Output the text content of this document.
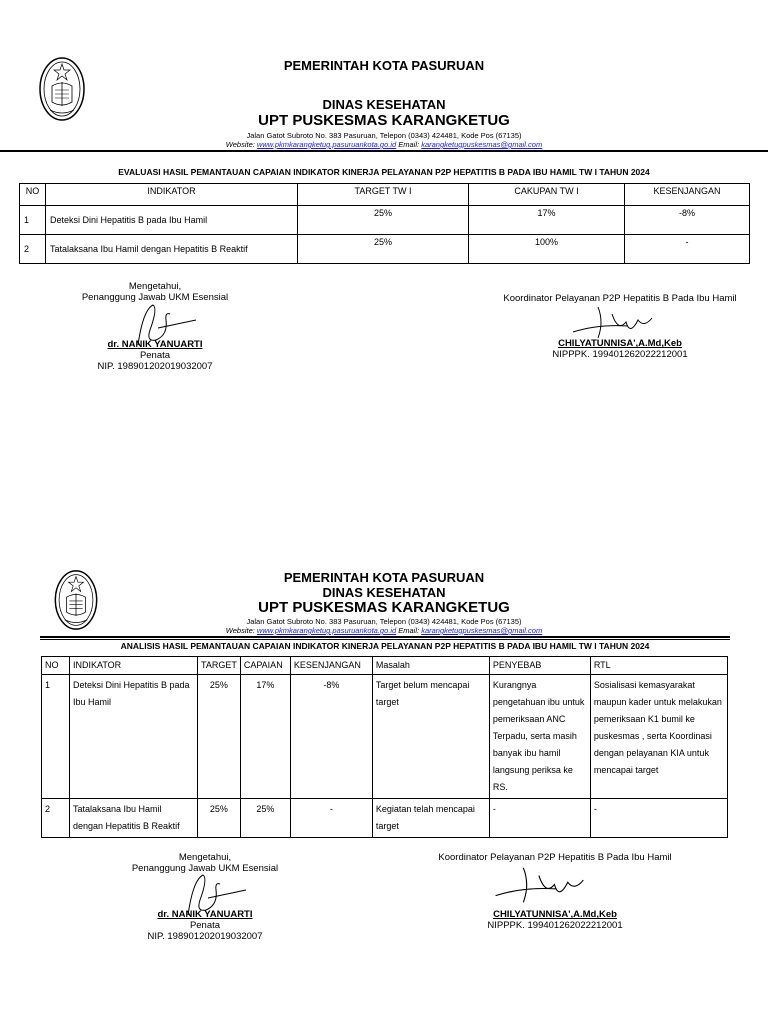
PEMERINTAH KOTA PASURUAN
DINAS KESEHATAN
UPT PUSKESMAS KARANGKETUG
Jalan Gatot Subroto No. 383 Pasuruan, Telepon (0343) 424481, Kode Pos (67135)
Website: www.pkmkarangketug.pasuruankota.go.id Email: karangketugpuskesmas@gmail.com
EVALUASI HASIL PEMANTAUAN CAPAIAN INDIKATOR KINERJA PELAYANAN P2P HEPATITIS B PADA IBU HAMIL TW I TAHUN 2024
NO	INDIKATOR	TARGET TW I	CAKUPAN TW I	KESENJANGAN
1	Deteksi Dini Hepatitis B pada Ibu Hamil	25%	17%	-8%
2	Tatalaksana Ibu Hamil dengan Hepatitis B Reaktif	25%	100%	-
Mengetahui,
Penanggung Jawab UKM Esensial
dr. NANIK YANUARTI
Penata
NIP. 198901202019032007
Koordinator Pelayanan P2P Hepatitis B Pada Ibu Hamil
CHILYATUNNISA',A.Md,Keb
NIPPPK. 199401262022212001
PEMERINTAH KOTA PASURUAN
DINAS KESEHATAN
UPT PUSKESMAS KARANGKETUG
Jalan Gatot Subroto No. 383 Pasuruan, Telepon (0343) 424481, Kode Pos (67135)
Website: www.pkmkarangketug.pasuruankota.go.id Email: karangketugpuskesmas@gmail.com
ANALISIS HASIL PEMANTAUAN CAPAIAN INDIKATOR KINERJA PELAYANAN P2P HEPATITIS B PADA IBU HAMIL TW I TAHUN 2024
NO	INDIKATOR	TARGET	CAPAIAN	KESENJANGAN	Masalah	PENYEBAB	RTL
1	Deteksi Dini Hepatitis B pada Ibu Hamil	25%	17%	-8%	Target belum mencapai target	Kurangnya pengetahuan ibu untuk pemeriksaan ANC Terpadu, serta masih banyak ibu hamil langsung periksa ke RS.	Sosialisasi kemasyarakat maupun kader untuk melakukan pemeriksaan K1 bumil ke puskesmas , serta Koordinasi dengan pelayanan KIA untuk mencapai target
2	Tatalaksana Ibu Hamil dengan Hepatitis B Reaktif	25%	25%	-	Kegiatan telah mencapai target	-	-
Mengetahui,
Penanggung Jawab UKM Esensial
dr. NANIK YANUARTI
Penata
NIP. 198901202019032007
Koordinator Pelayanan P2P Hepatitis B Pada Ibu Hamil
CHILYATUNNISA',A.Md,Keb
NIPPPK. 199401262022212001
